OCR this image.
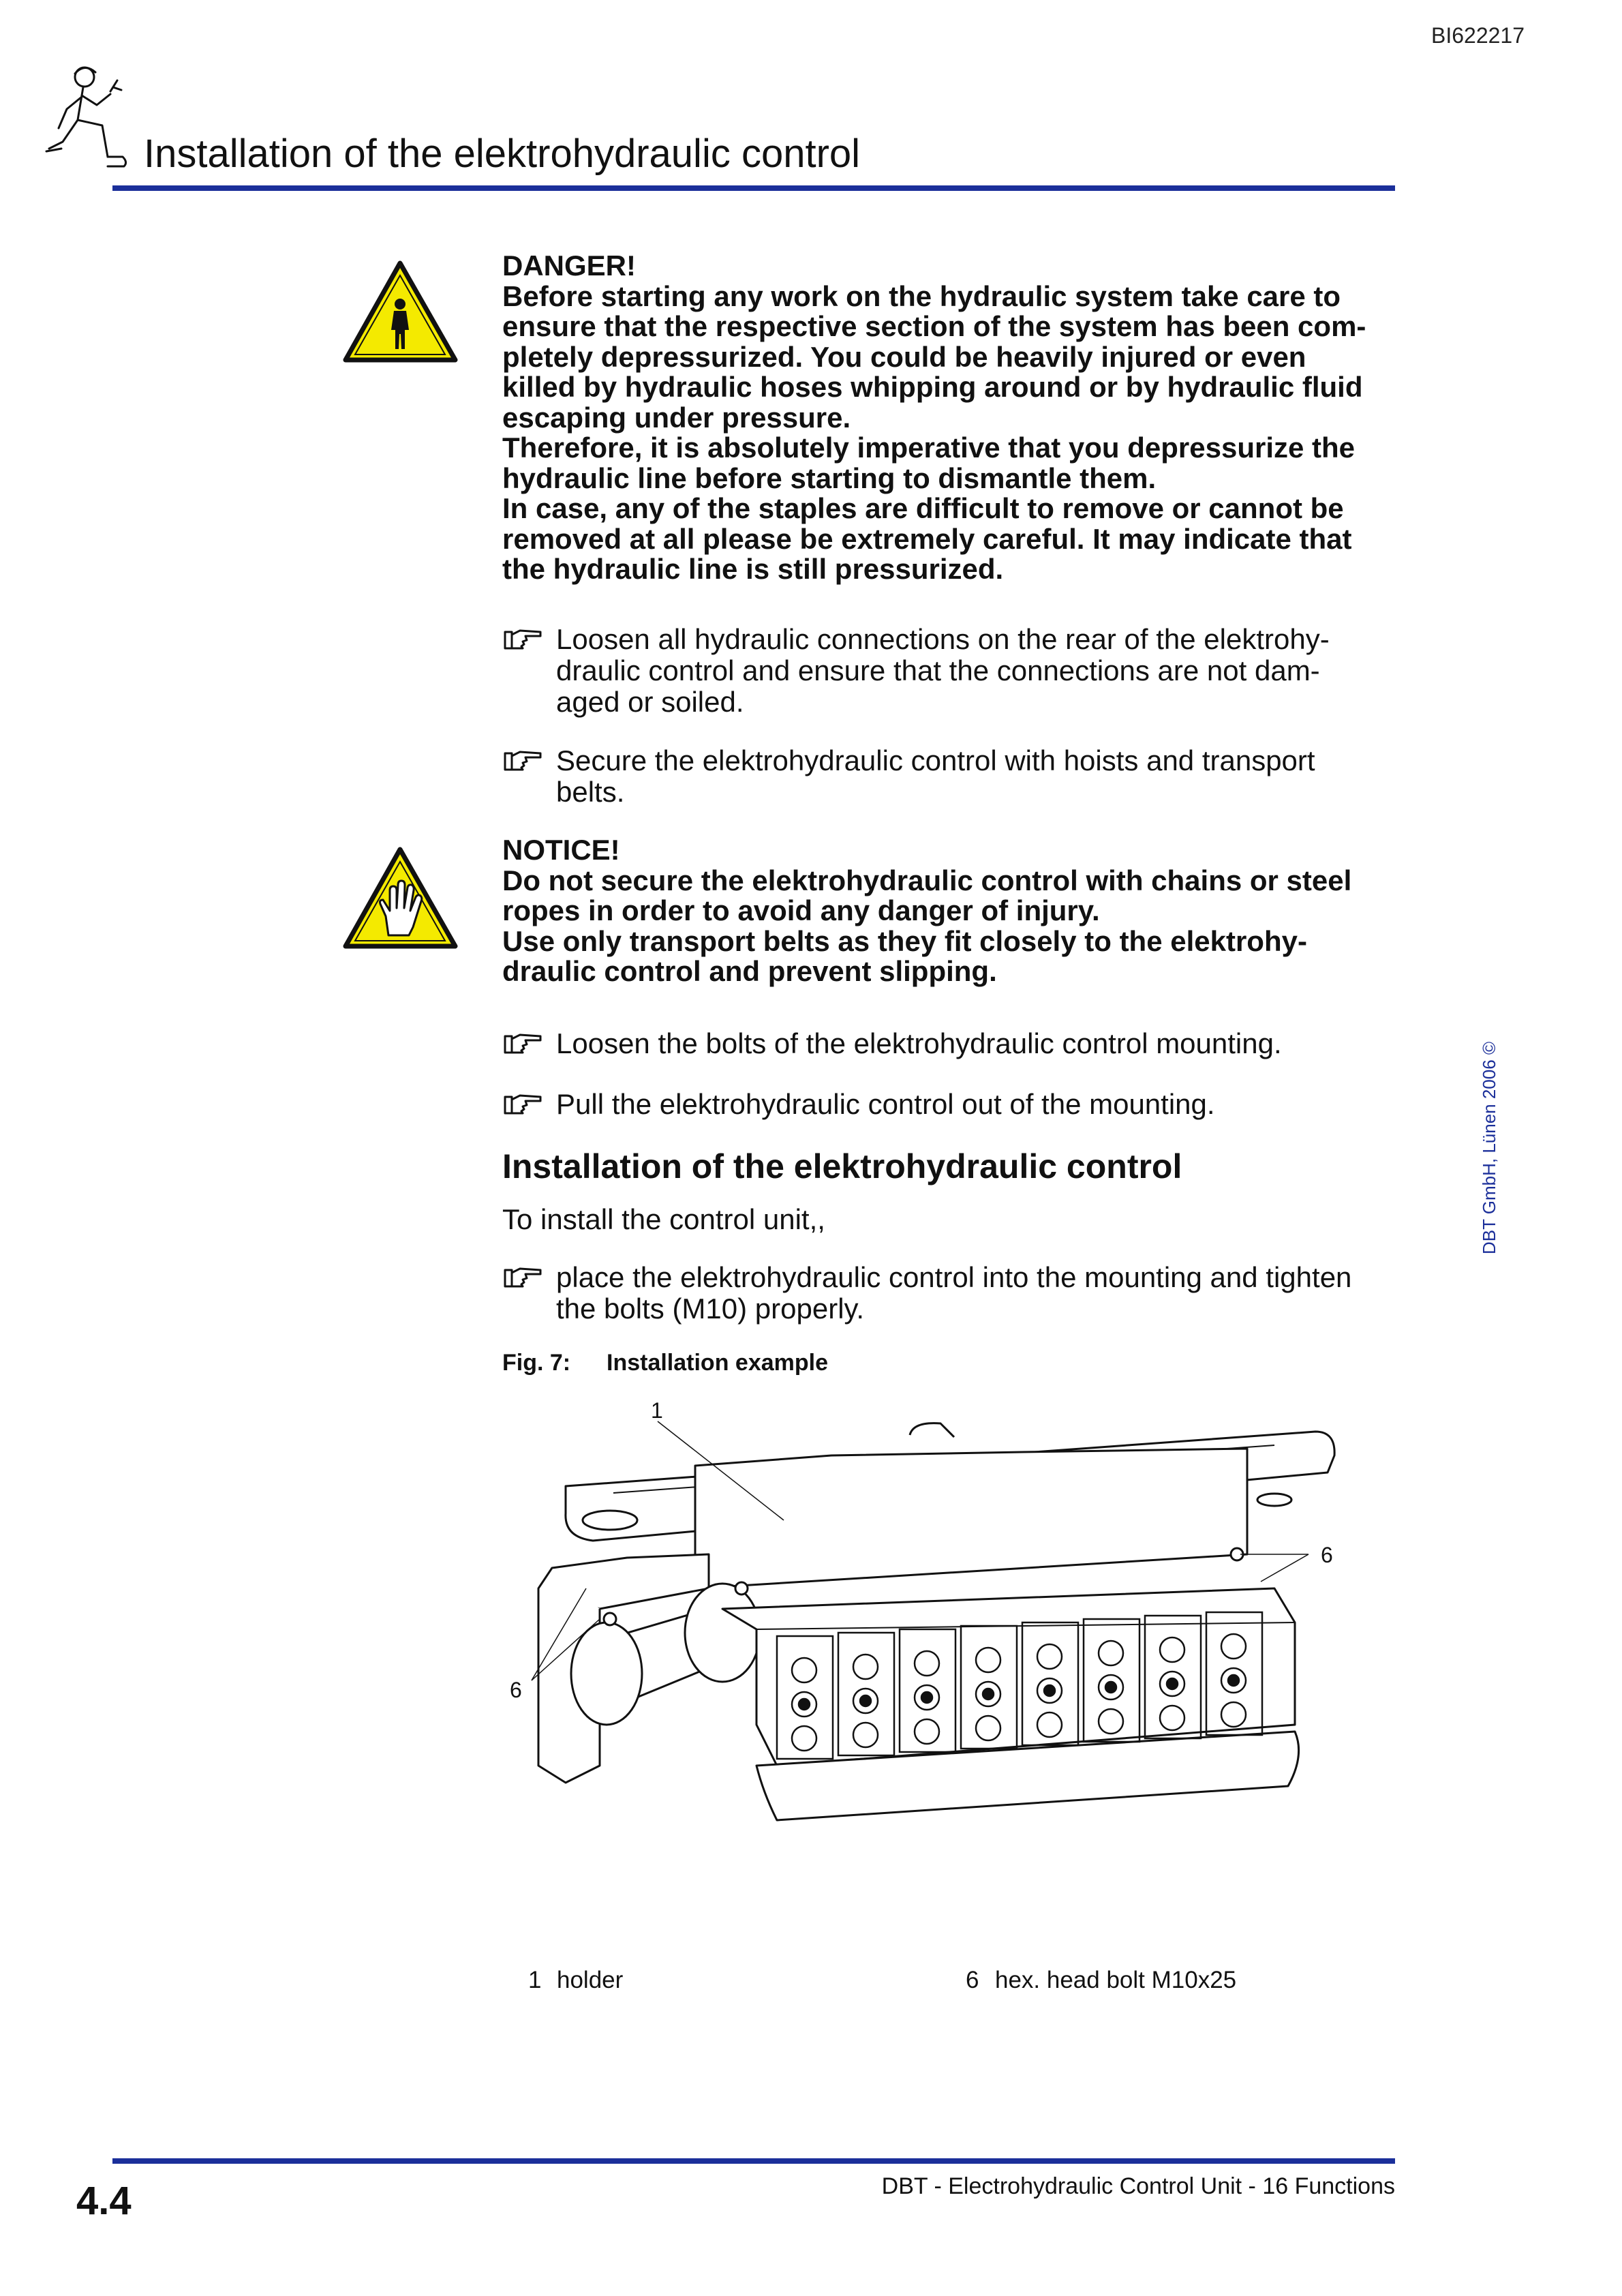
BI622217
Installation of the elektrohydraulic control
DANGER!
Before starting any work on the hydraulic system take care to
ensure that the respective section of the system has been com-
pletely depressurized. You could be heavily injured or even
killed by hydraulic hoses whipping around or by hydraulic fluid
escaping under pressure.
Therefore, it is absolutely imperative that you depressurize the
hydraulic line before starting to dismantle them.
In case, any of the staples are difficult to remove or cannot be
removed at all please be extremely careful. It may indicate that
the hydraulic line is still pressurized.
Loosen all hydraulic connections on the rear of the elektrohy-
draulic control and ensure that the connections are not dam-
aged or soiled.
Secure the elektrohydraulic control with hoists and transport
belts.
NOTICE!
Do not secure the elektrohydraulic control with chains or steel
ropes in order to avoid any danger of injury.
Use only transport belts as they fit closely to the elektrohy-
draulic control and prevent slipping.
Loosen the bolts of the elektrohydraulic control mounting.
Pull the elektrohydraulic control out of the mounting.
Installation of the elektrohydraulic control
To install the control unit,,
place the elektrohydraulic control into the mounting and tighten
the bolts (M10) properly.
Fig. 7: Installation example
1
6
6
1 holder	6 hex. head bolt M10x25
DBT GmbH, Lünen 2006 ©
4.4	DBT - Electrohydraulic Control Unit - 16 Functions
